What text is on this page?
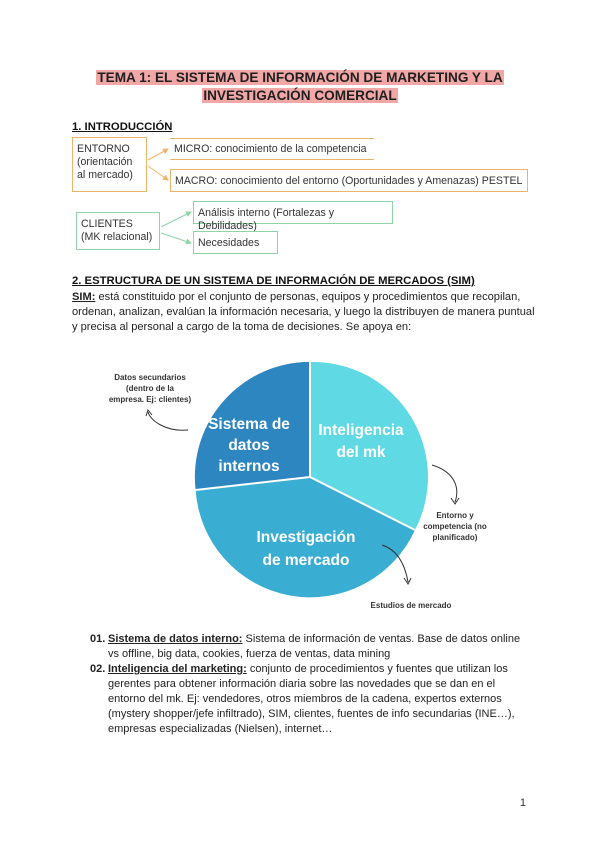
TEMA 1: EL SISTEMA DE INFORMACIÓN DE MARKETING Y LA
INVESTIGACIÓN COMERCIAL
1. INTRODUCCIÓN
ENTORNO
(orientación
al mercado)
MICRO: conocimiento de la competencia
MACRO: conocimiento del entorno (Oportunidades y Amenazas) PESTEL
CLIENTES
(MK relacional)
Análisis interno (Fortalezas y Debilidades)
Necesidades
2. ESTRUCTURA DE UN SISTEMA DE INFORMACIÓN DE MERCADOS (SIM)
SIM: está constituido por el conjunto de personas, equipos y procedimientos que recopilan, ordenan, analizan, evalúan la información necesaria, y luego la distribuyen de manera puntual y precisa al personal a cargo de la toma de decisiones. Se apoya en:
Sistema de
datos
internos
Inteligencia
del mk
Investigación
de mercado
Datos secundarios
(dentro de la
empresa. Ej: clientes)
Entorno y
competencia (no
planificado)
Estudios de mercado
01. Sistema de datos interno: Sistema de información de ventas. Base de datos online vs offline, big data, cookies, fuerza de ventas, data mining
02. Inteligencia del marketing: conjunto de procedimientos y fuentes que utilizan los gerentes para obtener información diaria sobre las novedades que se dan en el entorno del mk. Ej: vendedores, otros miembros de la cadena, expertos externos (mystery shopper/jefe infiltrado), SIM, clientes, fuentes de info secundarias (INE…), empresas especializadas (Nielsen), internet…
1
